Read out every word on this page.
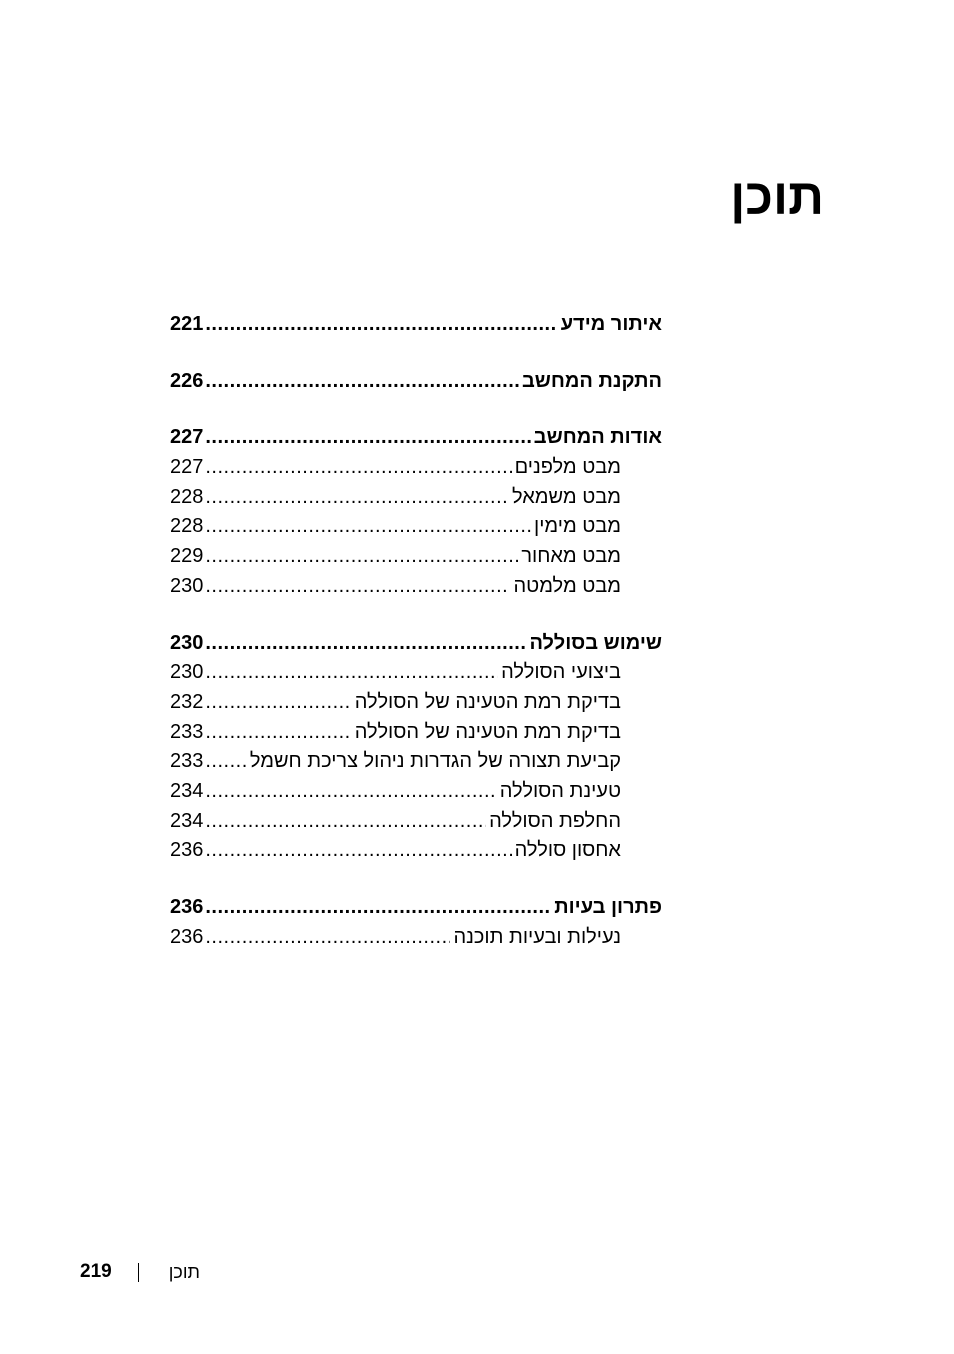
תוכן
221 .....	איתור מידע
226 .....	התקנת המחשב
227 .....	אודות המחשב
227 .....	מבט מלפנים
228 .....	מבט משמאל
228 .....	מבט מימין
229 .....	מבט מאחור
230 .....	מבט מלמטה
230 .....	שימוש בסוללה
230 .....	ביצועי הסוללה
232 .....	בדיקת רמת הטעינה של הסוללה
233 .....	בדיקת רמת הטעינה של הסוללה
233 ..... קביעת תצורה של הגדרות ניהול צריכת חשמל
234 .....	טעינת הסוללה
234 .....	החלפת הסוללה
236 .....	אחסון סוללה
236 .....	פתרון בעיות
236 .....	נעילות ובעיות תוכנה
219	תוכן
